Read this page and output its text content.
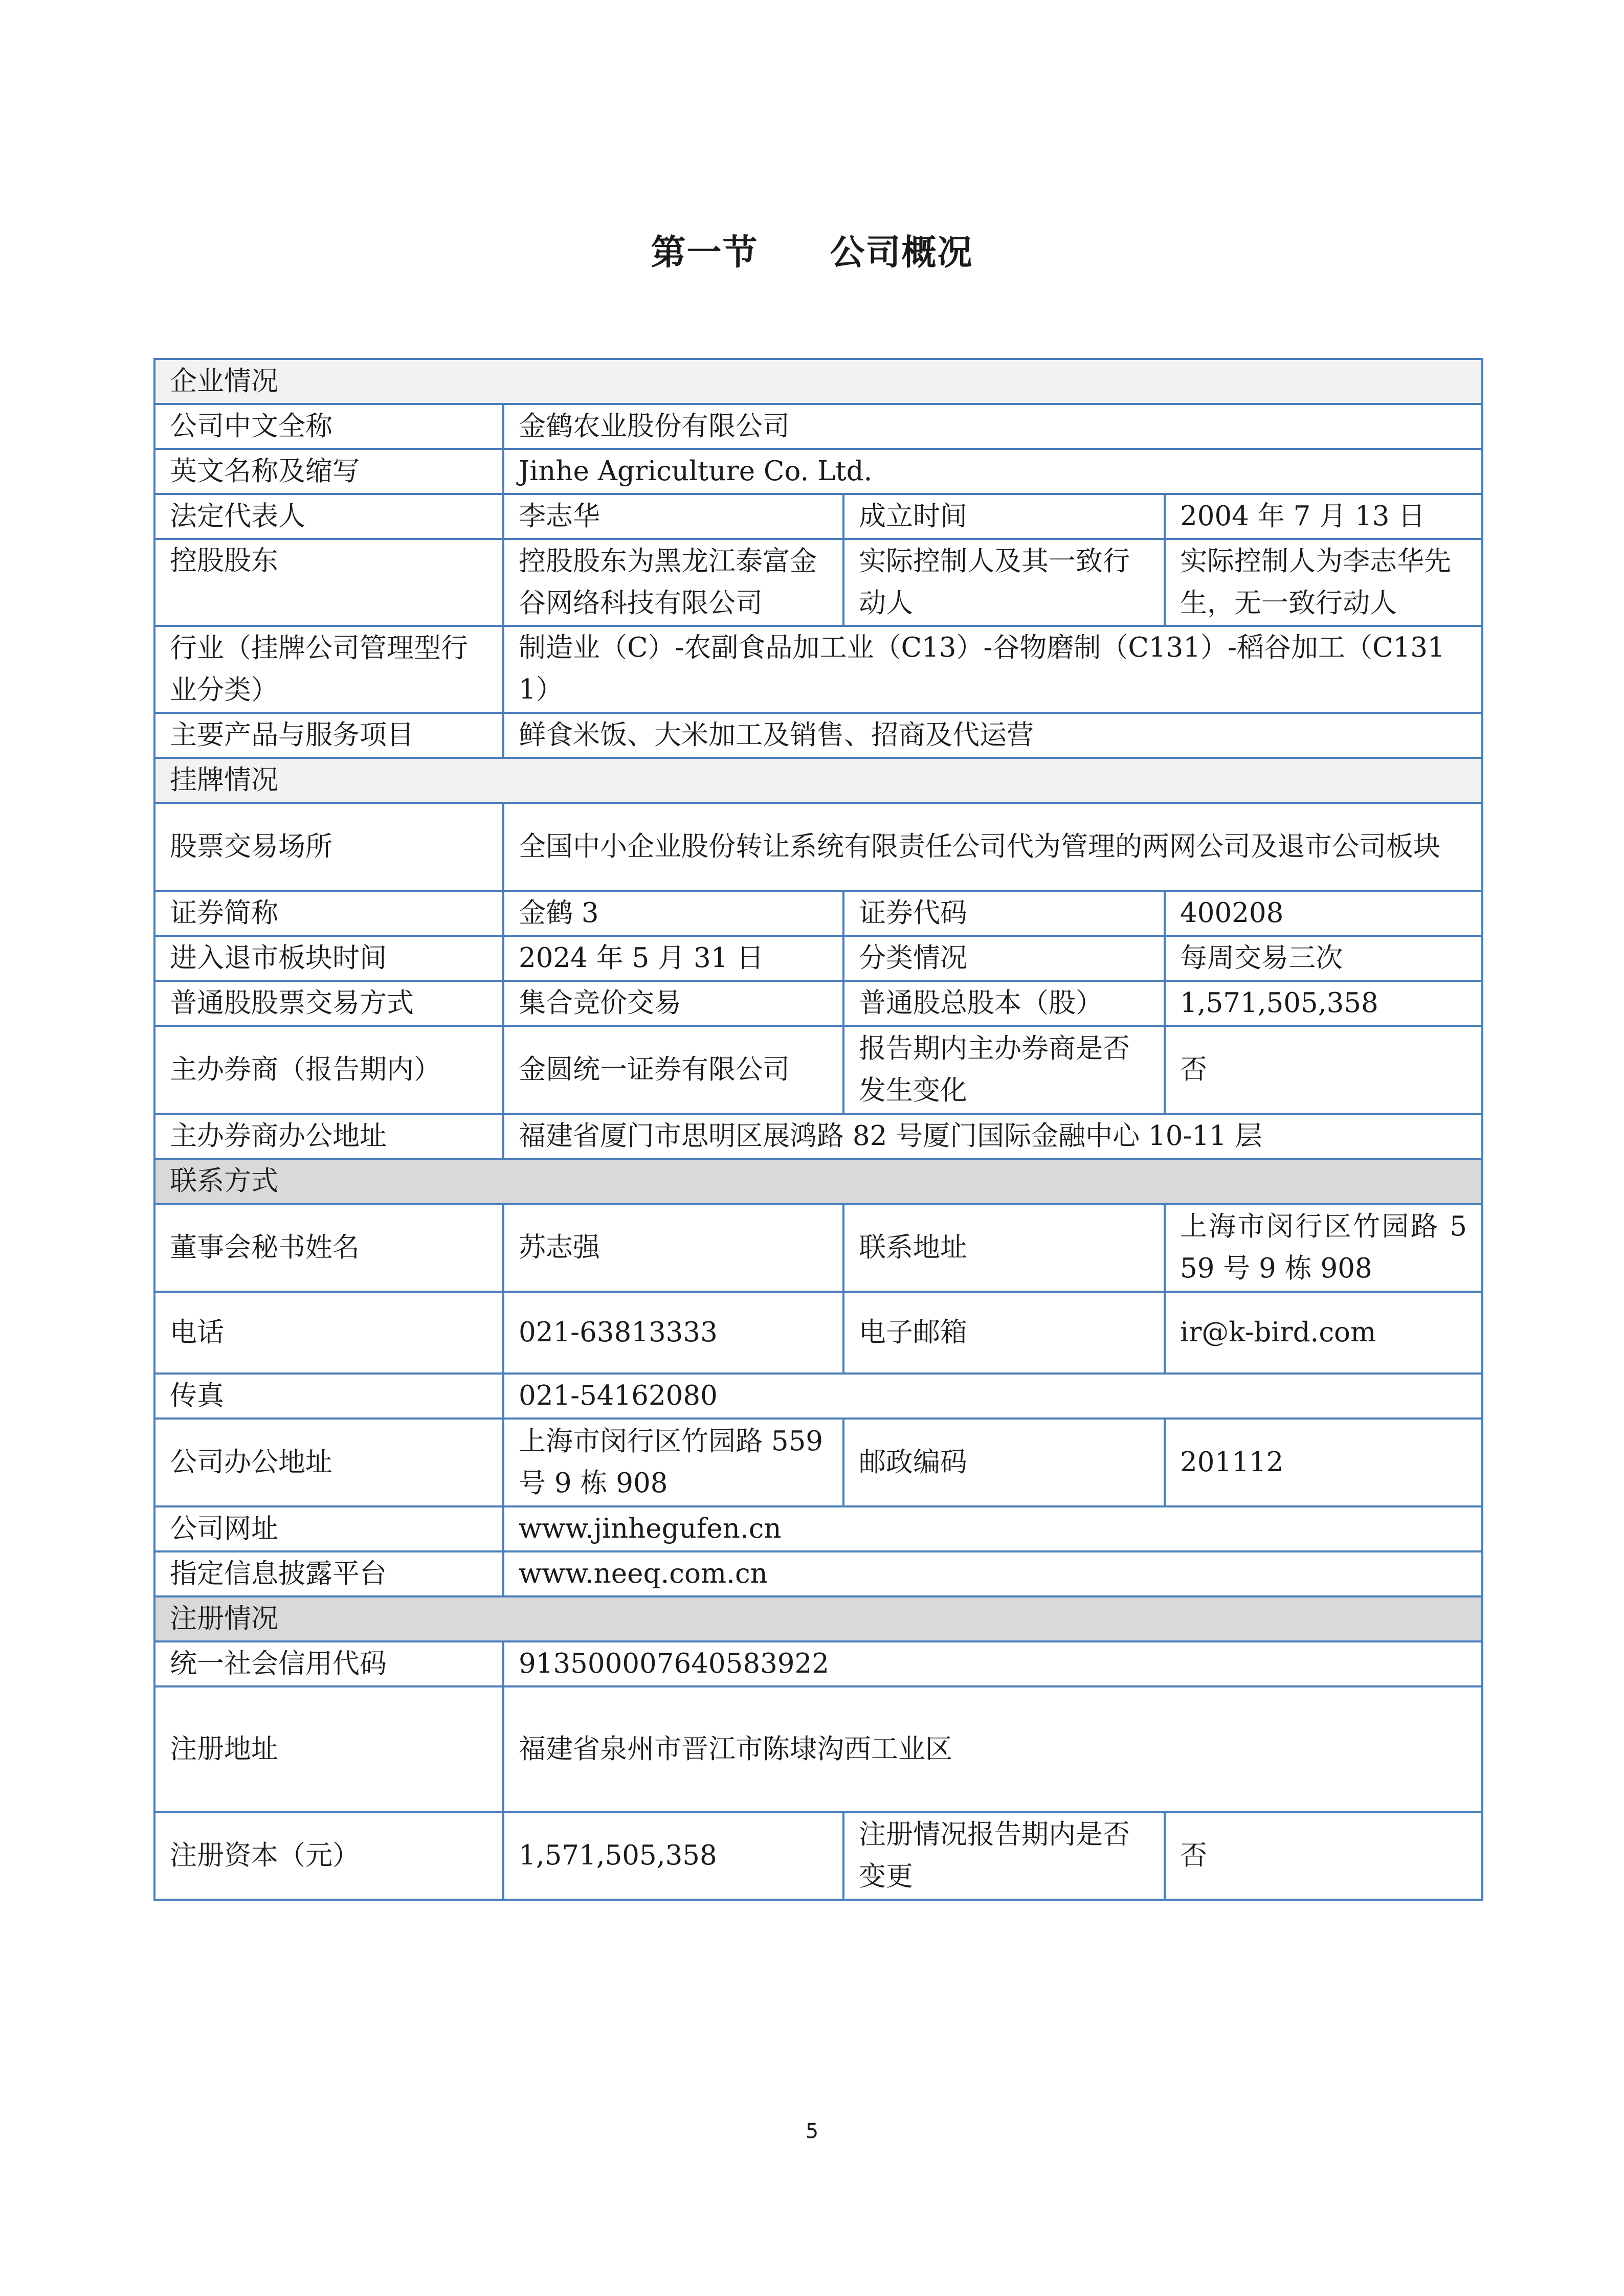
第一节　　公司概况
企业情况			
公司中文全称	金鹤农业股份有限公司		
英文名称及缩写	Jinhe Agriculture Co. Ltd.		
法定代表人	李志华	成立时间	2004 年 7 月 13 日
控股股东	控股股东为黑龙江泰富金谷网络科技有限公司	实际控制人及其一致行动人	实际控制人为李志华先生，无一致行动人
行业（挂牌公司管理型行业分类）	制造业（C）-农副食品加工业（C13）-谷物磨制（C131）-稻谷加工（C1311）		
主要产品与服务项目	鲜食米饭、大米加工及销售、招商及代运营		
挂牌情况			
股票交易场所	全国中小企业股份转让系统有限责任公司代为管理的两网公司及退市公司板块		
证券简称	金鹤 3	证券代码	400208
进入退市板块时间	2024 年 5 月 31 日	分类情况	每周交易三次
普通股股票交易方式	集合竞价交易	普通股总股本（股）	1,571,505,358
主办券商（报告期内）	金圆统一证券有限公司	报告期内主办券商是否发生变化	否
主办券商办公地址	福建省厦门市思明区展鸿路 82 号厦门国际金融中心 10-11 层		
联系方式			
董事会秘书姓名	苏志强	联系地址	上海市闵行区竹园路 559 号 9 栋 908
电话	021-63813333	电子邮箱	ir@k-bird.com
传真	021-54162080		
公司办公地址	上海市闵行区竹园路 559 号 9 栋 908	邮政编码	201112
公司网址	www.jinhegufen.cn		
指定信息披露平台	www.neeq.com.cn		
注册情况			
统一社会信用代码	913500007640583922		
注册地址	福建省泉州市晋江市陈埭沟西工业区		
注册资本（元）	1,571,505,358	注册情况报告期内是否变更	否
5
